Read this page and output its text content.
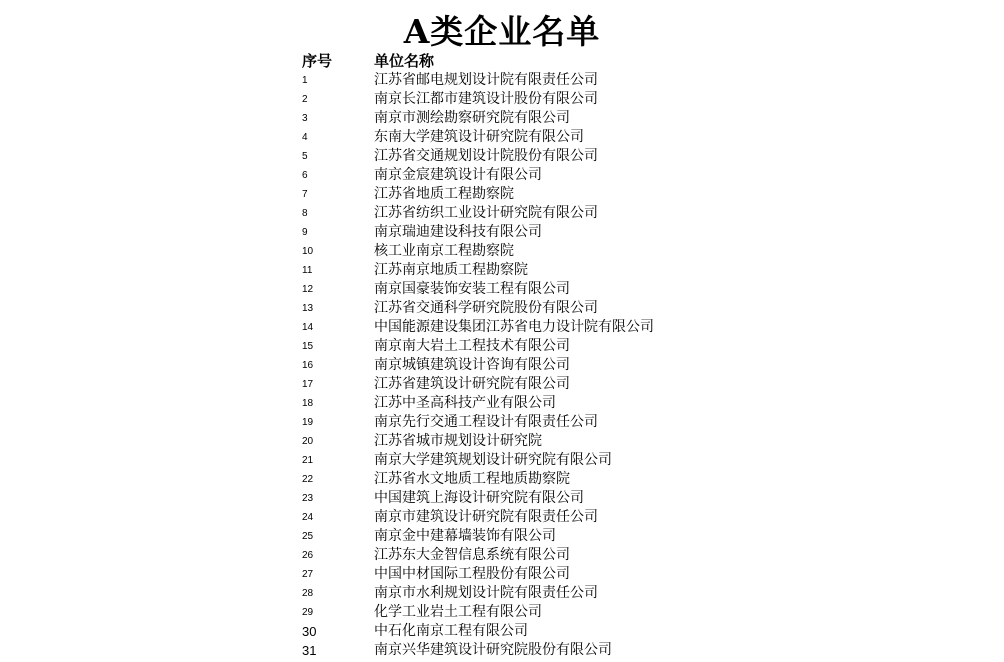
A类企业名单
序号	单位名称
1	江苏省邮电规划设计院有限责任公司
2	南京长江都市建筑设计股份有限公司
3	南京市测绘勘察研究院有限公司
4	东南大学建筑设计研究院有限公司
5	江苏省交通规划设计院股份有限公司
6	南京金宸建筑设计有限公司
7	江苏省地质工程勘察院
8	江苏省纺织工业设计研究院有限公司
9	南京瑞迪建设科技有限公司
10	核工业南京工程勘察院
11	江苏南京地质工程勘察院
12	南京国豪装饰安装工程有限公司
13	江苏省交通科学研究院股份有限公司
14	中国能源建设集团江苏省电力设计院有限公司
15	南京南大岩土工程技术有限公司
16	南京城镇建筑设计咨询有限公司
17	江苏省建筑设计研究院有限公司
18	江苏中圣高科技产业有限公司
19	南京先行交通工程设计有限责任公司
20	江苏省城市规划设计研究院
21	南京大学建筑规划设计研究院有限公司
22	江苏省水文地质工程地质勘察院
23	中国建筑上海设计研究院有限公司
24	南京市建筑设计研究院有限责任公司
25	南京金中建幕墙装饰有限公司
26	江苏东大金智信息系统有限公司
27	中国中材国际工程股份有限公司
28	南京市水利规划设计院有限责任公司
29	化学工业岩土工程有限公司
30	中石化南京工程有限公司
31	南京兴华建筑设计研究院股份有限公司
